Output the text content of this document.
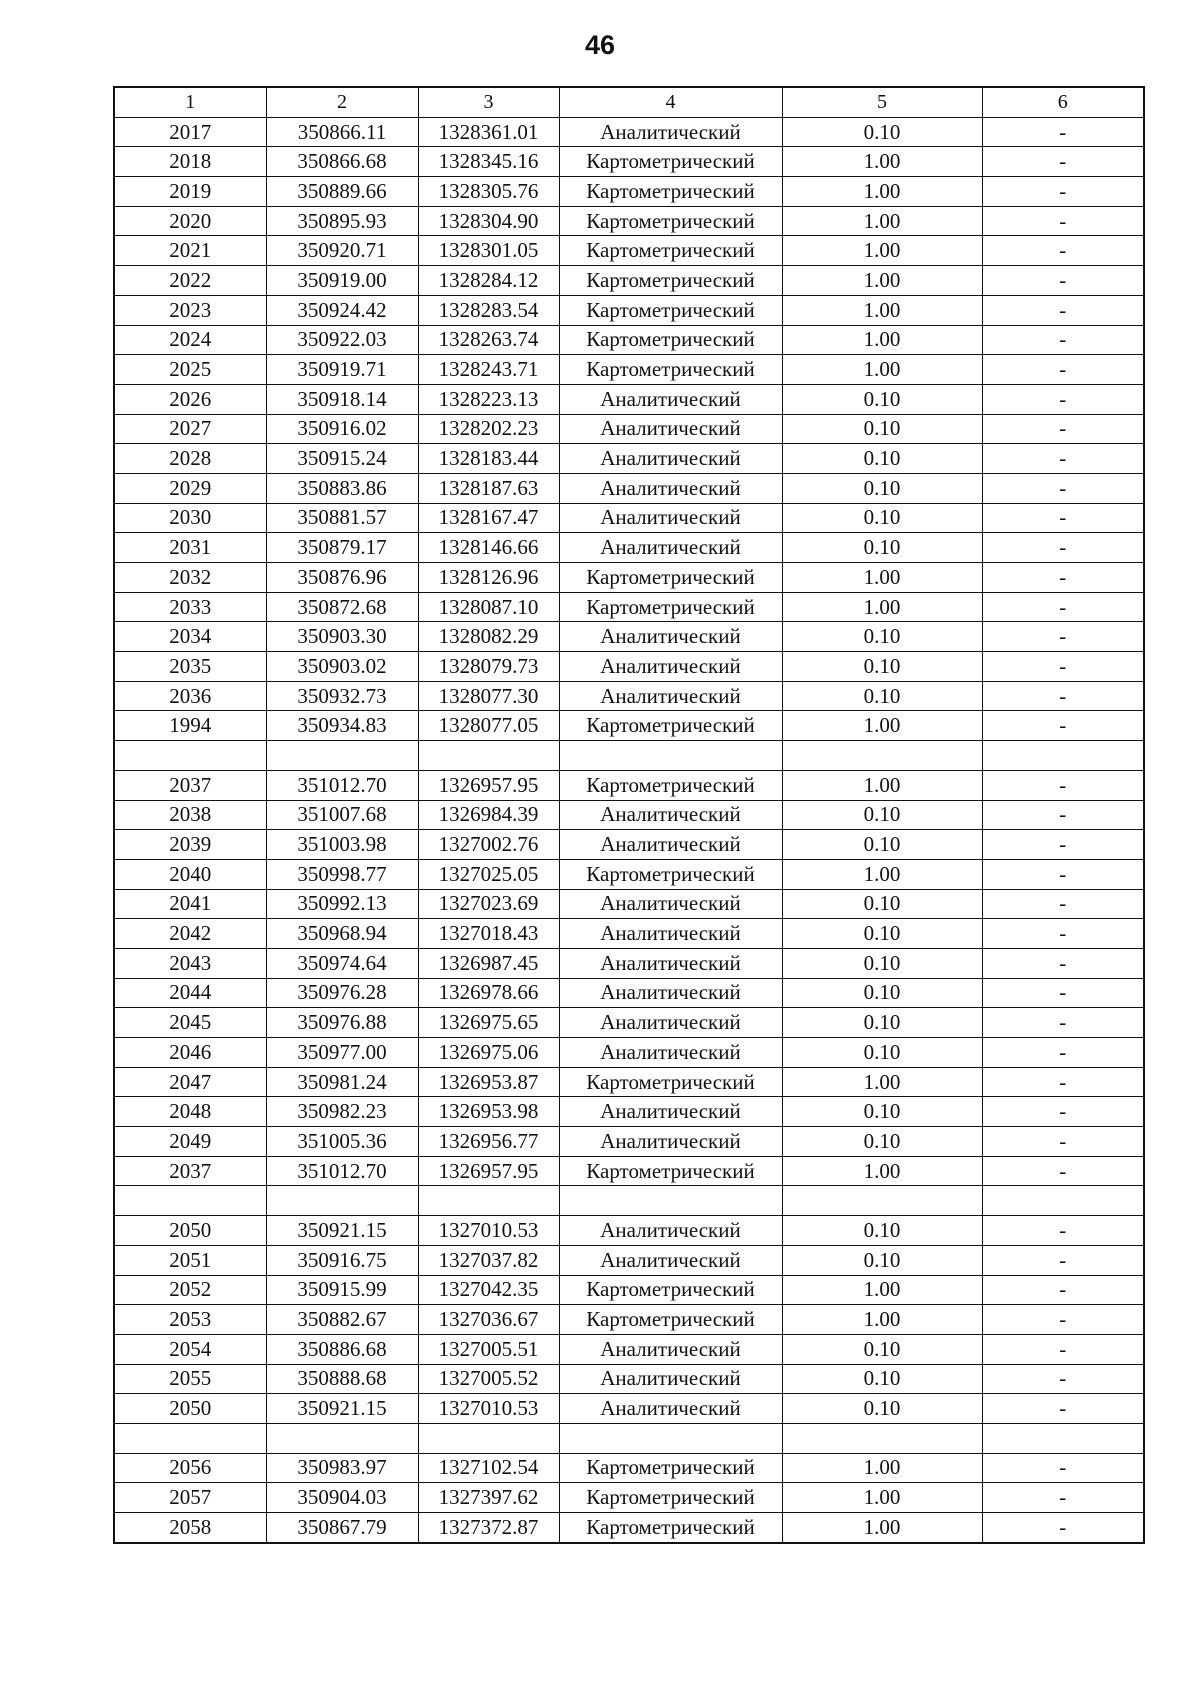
46
1	2	3	4	5	6
2017	350866.11	1328361.01	Аналитический	0.10	-
2018	350866.68	1328345.16	Картометрический	1.00	-
2019	350889.66	1328305.76	Картометрический	1.00	-
2020	350895.93	1328304.90	Картометрический	1.00	-
2021	350920.71	1328301.05	Картометрический	1.00	-
2022	350919.00	1328284.12	Картометрический	1.00	-
2023	350924.42	1328283.54	Картометрический	1.00	-
2024	350922.03	1328263.74	Картометрический	1.00	-
2025	350919.71	1328243.71	Картометрический	1.00	-
2026	350918.14	1328223.13	Аналитический	0.10	-
2027	350916.02	1328202.23	Аналитический	0.10	-
2028	350915.24	1328183.44	Аналитический	0.10	-
2029	350883.86	1328187.63	Аналитический	0.10	-
2030	350881.57	1328167.47	Аналитический	0.10	-
2031	350879.17	1328146.66	Аналитический	0.10	-
2032	350876.96	1328126.96	Картометрический	1.00	-
2033	350872.68	1328087.10	Картометрический	1.00	-
2034	350903.30	1328082.29	Аналитический	0.10	-
2035	350903.02	1328079.73	Аналитический	0.10	-
2036	350932.73	1328077.30	Аналитический	0.10	-
1994	350934.83	1328077.05	Картометрический	1.00	-

2037	351012.70	1326957.95	Картометрический	1.00	-
2038	351007.68	1326984.39	Аналитический	0.10	-
2039	351003.98	1327002.76	Аналитический	0.10	-
2040	350998.77	1327025.05	Картометрический	1.00	-
2041	350992.13	1327023.69	Аналитический	0.10	-
2042	350968.94	1327018.43	Аналитический	0.10	-
2043	350974.64	1326987.45	Аналитический	0.10	-
2044	350976.28	1326978.66	Аналитический	0.10	-
2045	350976.88	1326975.65	Аналитический	0.10	-
2046	350977.00	1326975.06	Аналитический	0.10	-
2047	350981.24	1326953.87	Картометрический	1.00	-
2048	350982.23	1326953.98	Аналитический	0.10	-
2049	351005.36	1326956.77	Аналитический	0.10	-
2037	351012.70	1326957.95	Картометрический	1.00	-

2050	350921.15	1327010.53	Аналитический	0.10	-
2051	350916.75	1327037.82	Аналитический	0.10	-
2052	350915.99	1327042.35	Картометрический	1.00	-
2053	350882.67	1327036.67	Картометрический	1.00	-
2054	350886.68	1327005.51	Аналитический	0.10	-
2055	350888.68	1327005.52	Аналитический	0.10	-
2050	350921.15	1327010.53	Аналитический	0.10	-

2056	350983.97	1327102.54	Картометрический	1.00	-
2057	350904.03	1327397.62	Картометрический	1.00	-
2058	350867.79	1327372.87	Картометрический	1.00	-
